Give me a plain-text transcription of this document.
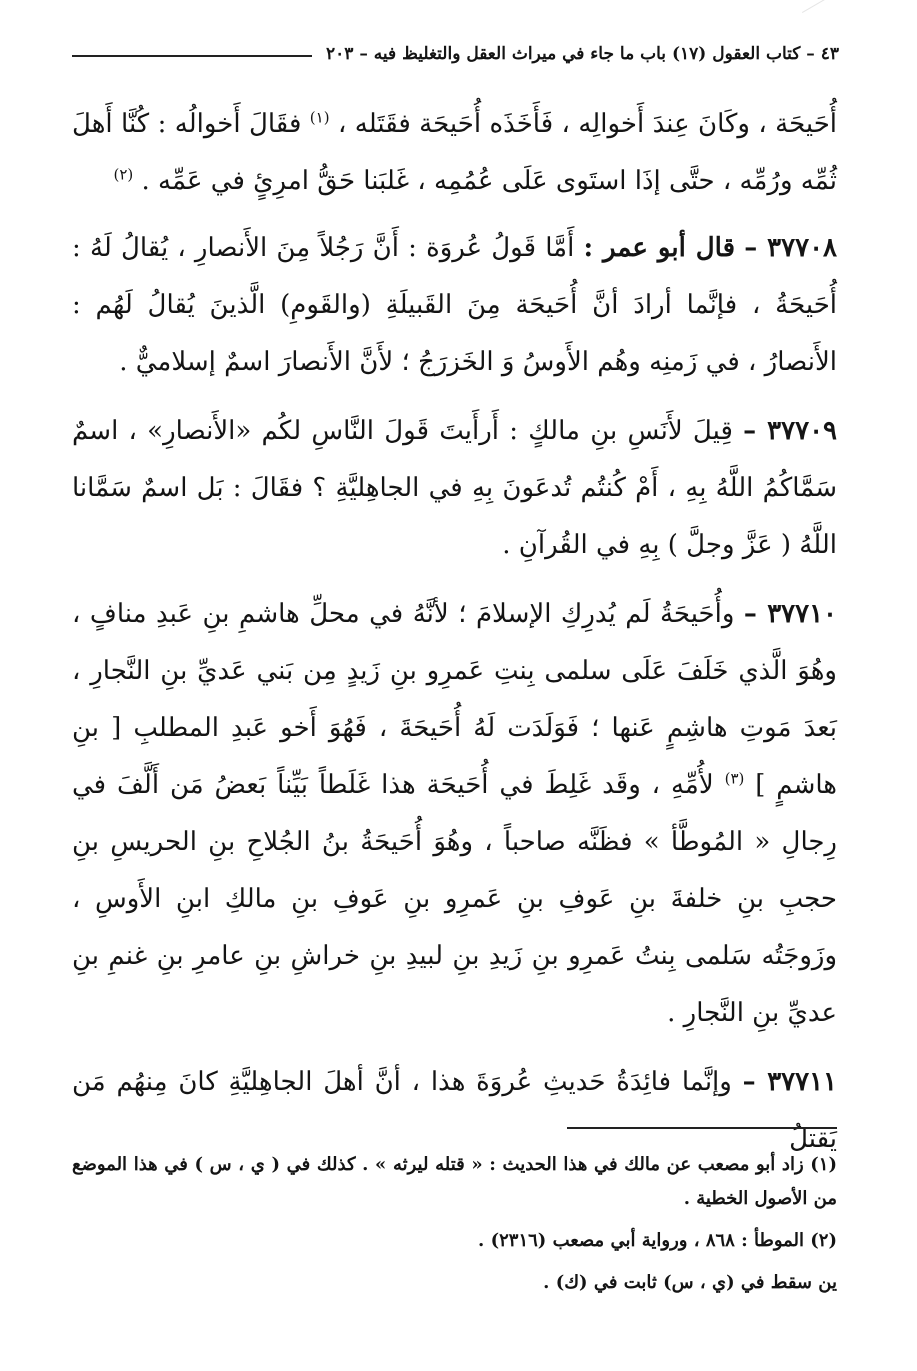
٤٣ – كتاب العقول (١٧) باب ما جاء في ميراث العقل والتغليظ فيه – ٢٠٣

أُحَيحَة ، وكَانَ عِندَ أَخوالِه ، فَأَخَذَه أُحَيحَة فقَتَله ، $^{(١)}$ فقَالَ أَخوالُه : كُنَّا أَهلَ ثُمِّه ورُمِّه ، حتَّى إذَا استَوى عَلَى عُمُمِه ، غَلبَنا حَقُّ امرِئٍ في عَمِّه . $^{(٢)}$

٣٧٧٠٨ – قال أبو عمر : أَمَّا قَولُ عُروَة : أَنَّ رَجُلاً مِنَ الأَنصارِ ، يُقالُ لَهُ : أُحَيحَةُ ، فإنَّما أرادَ أنَّ أُحَيحَة مِنَ القَبيلَةِ (والقَومِ) الَّذينَ يُقالُ لَهُم : الأَنصارُ ، في زَمنِه وهُم الأَوسُ وَ الخَزرَجُ ؛ لأَنَّ الأَنصارَ اسمٌ إسلاميٌّ .

٣٧٧٠٩ – قِيلَ لأَنَسِ بنِ مالكٍ : أَرأَيتَ قَولَ النَّاسِ لكُم «الأَنصارِ» ، اسمٌ سَمَّاكُمُ اللَّهُ بِهِ ، أَمْ كُنتُم تُدعَونَ بِهِ في الجاهِليَّةِ ؟ فقَالَ : بَل اسمٌ سَمَّانا اللَّهُ ( عَزَّ وجلَّ ) بِهِ في القُرآنِ .

٣٧٧١٠ – وأُحَيحَةُ لَم يُدرِكِ الإسلامَ ؛ لأنَّهُ في محلِّ هاشمِ بنِ عَبدِ منافٍ ، وهُوَ الَّذي خَلَفَ عَلَى سلمى بِنتِ عَمرِو بنِ زَيدٍ مِن بَني عَديِّ بنِ النَّجارِ ، بَعدَ مَوتِ هاشِمٍ عَنها ؛ فَوَلَدَت لَهُ أُحَيحَةَ ، فَهُوَ أَخو عَبدِ المطلبِ [ بنِ هاشمٍ ] $^{(٣)}$ لأُمِّهِ ، وقَد غَلِطَ في أُحَيحَة هذا غَلَطاً بَيِّناً بَعضُ مَن أَلَّفَ في رِجالِ « المُوطَّأ » فظَنَّه صاحباً ، وهُوَ أُحَيحَةُ بنُ الجُلاحِ بنِ الحريسِ بنِ حجبِ بنِ خلفةَ بنِ عَوفِ بنِ عَمرِو بنِ عَوفِ بنِ مالكِ ابنِ الأَوسِ ، وزَوجَتُه سَلمى بِنتُ عَمرِو بنِ زَيدِ بنِ لبيدِ بنِ خراشِ بنِ عامرِ بنِ غنمِ بنِ عديِّ بنِ النَّجارِ .

٣٧٧١١ – وإنَّما فائِدَةُ حَديثِ عُروَةَ هذا ، أنَّ أهلَ الجاهِليَّةِ كانَ مِنهُم مَن يَقتلُ

(١) زاد أبو مصعب عن مالك في هذا الحديث : « قتله ليرثه » . كذلك في ( ي ، س ) في هذا الموضع من الأصول الخطية .

(٢) الموطأ : ٨٦٨ ، ورواية أبي مصعب (٢٣١٦) .

ين سقط في (ي ، س) ثابت في (ك) .
